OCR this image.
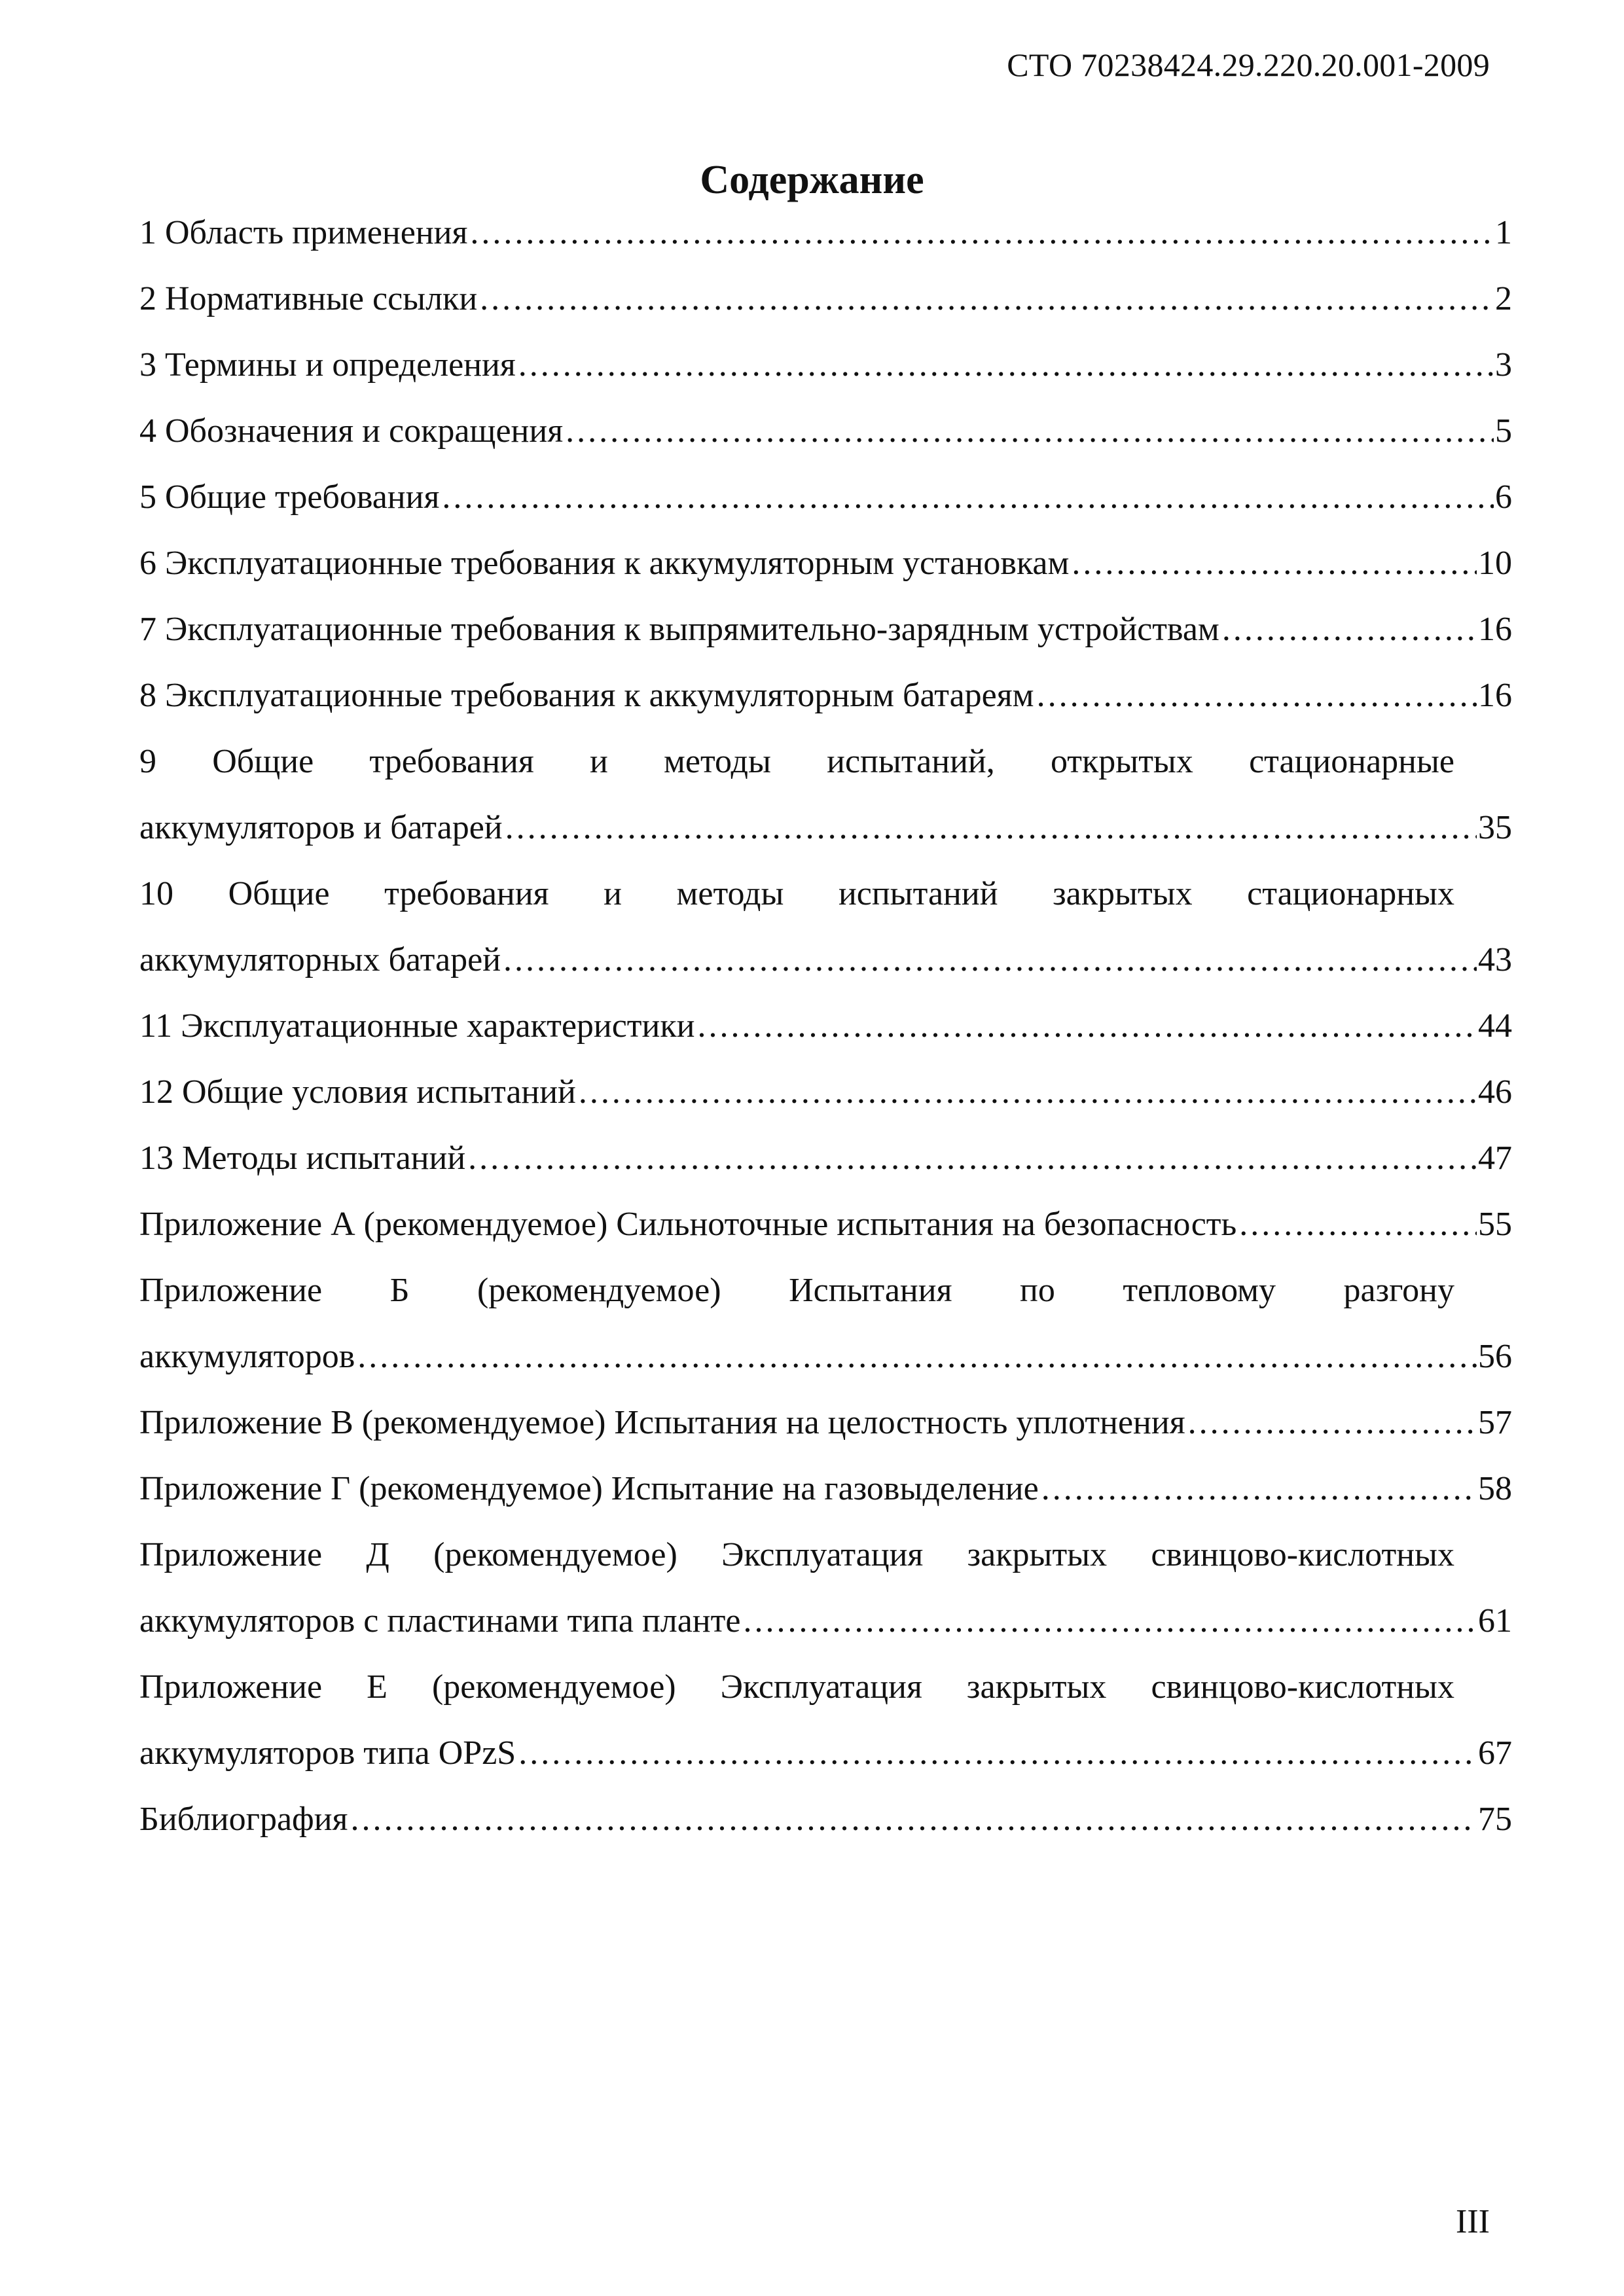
СТО 70238424.29.220.20.001-2009
Содержание
1 Область применения .....	1
2 Нормативные ссылки .....	2
3 Термины и определения .....	3
4 Обозначения и сокращения .....	5
5 Общие требования .....	6
6 Эксплуатационные требования к аккумуляторным установкам .....	10
7 Эксплуатационные требования к выпрямительно-зарядным устройствам .....	16
8 Эксплуатационные требования к аккумуляторным батареям .....	16
9 Общие требования и методы испытаний, открытых стационарные
аккумуляторов и батарей .....	35
10 Общие требования и методы испытаний закрытых стационарных
аккумуляторных батарей .....	43
11 Эксплуатационные характеристики .....	44
12 Общие условия испытаний .....	46
13 Методы испытаний .....	47
Приложение А (рекомендуемое) Сильноточные испытания на безопасность .....	55
Приложение Б (рекомендуемое) Испытания по тепловому разгону
аккумуляторов .....	56
Приложение В (рекомендуемое) Испытания на целостность уплотнения .....	57
Приложение Г (рекомендуемое) Испытание на газовыделение .....	58
Приложение Д (рекомендуемое) Эксплуатация закрытых свинцово-кислотных
аккумуляторов с пластинами типа планте .....	61
Приложение Е (рекомендуемое) Эксплуатация закрытых свинцово-кислотных
аккумуляторов типа OPzS .....	67
Библиография .....	75
III
